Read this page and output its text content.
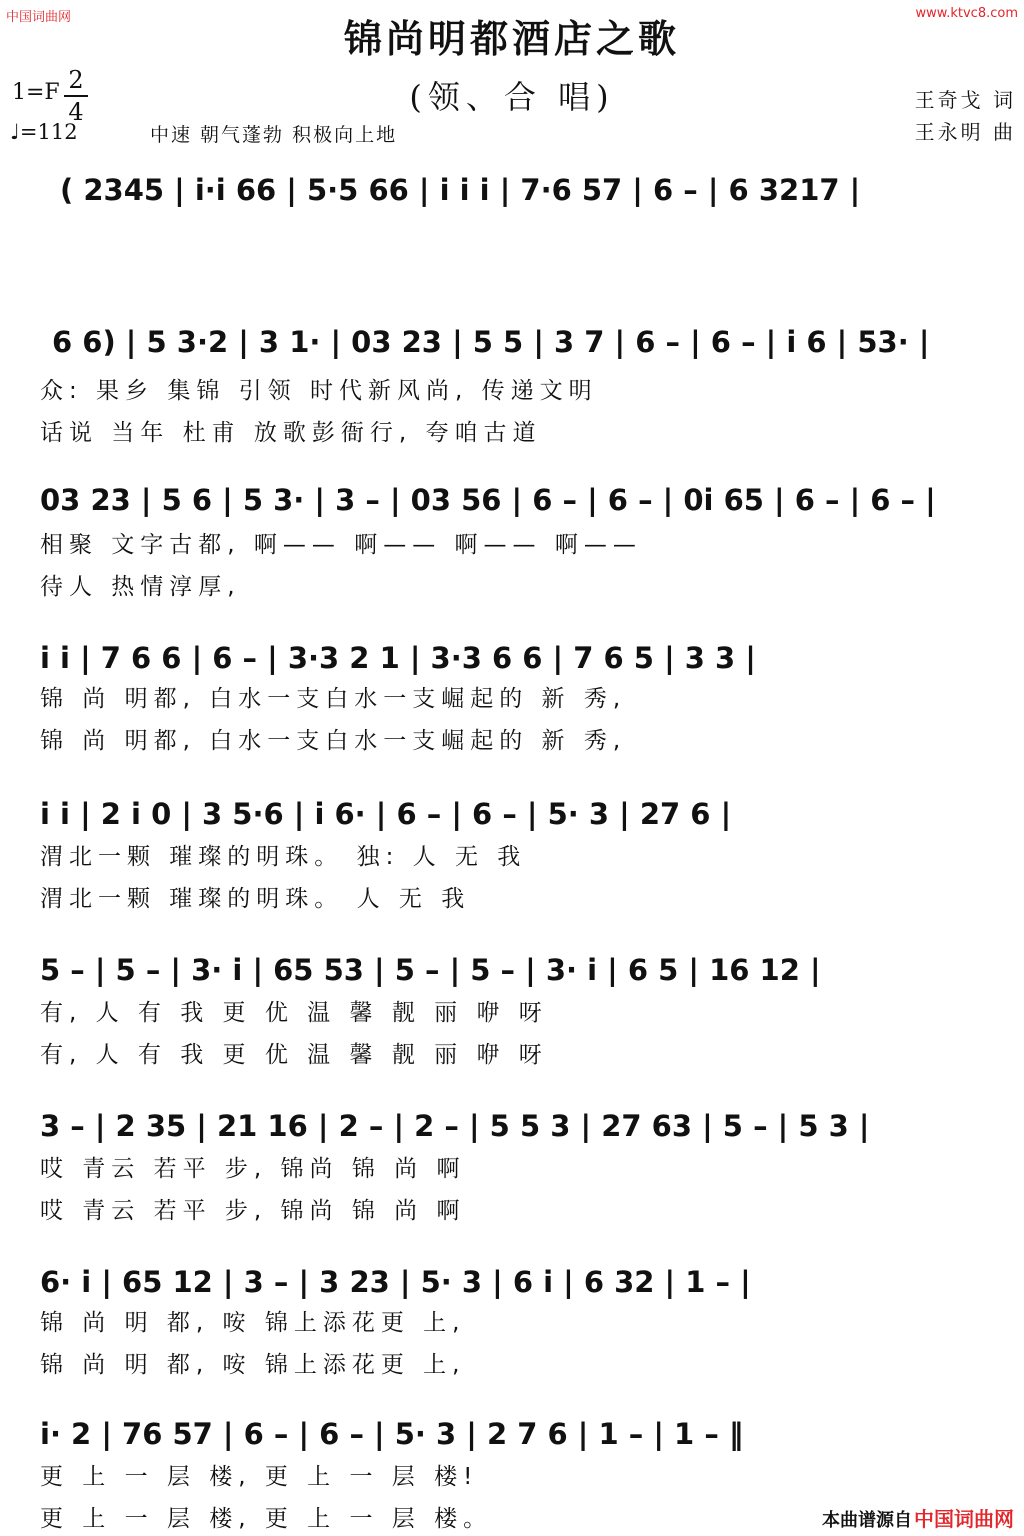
中国词曲网	www.ktvc8.com
锦尚明都酒店之歌
(领、合 唱)	王奇戈 词
王永明 曲
1=F 2
4
♩=112	中速 朝气蓬勃 积极向上地
( 2345 | i·i 66 | 5·5 66 | i i i | 7·6 57 | 6 – | 6 3217 |
6 6) | 5 3·2 | 3 1· | 03 23 | 5 5 | 3 7 | 6 – | 6 – | i 6 | 53· |
众: 果乡 集锦 引领 时代新风尚, 传递文明
话说 当年 杜甫 放歌彭衙行, 夸咱古道
03 23 | 5 6 | 5 3· | 3 – | 03 56 | 6 – | 6 – | 0i 65 | 6 – | 6 – |
相聚 文字古都, 啊—— 啊—— 啊—— 啊——
待人 热情淳厚,
i i | 7 6 6 | 6 – | 3·3 2 1 | 3·3 6 6 | 7 6 5 | 3 3 |
锦 尚 明都, 白水一支白水一支崛起的 新 秀,
锦 尚 明都, 白水一支白水一支崛起的 新 秀,
i i | 2 i 0 | 3 5·6 | i 6· | 6 – | 6 – | 5· 3 | 27 6 |
渭北一颗 璀璨的明珠。 独: 人 无 我
渭北一颗 璀璨的明珠。 人 无 我
5 – | 5 – | 3· i | 65 53 | 5 – | 5 – | 3· i | 6 5 | 16 12 |
有, 人 有 我 更 优 温 馨 靓 丽 咿 呀
有, 人 有 我 更 优 温 馨 靓 丽 咿 呀
3 – | 2 35 | 21 16 | 2 – | 2 – | 5 5 3 | 27 63 | 5 – | 5 3 |
哎 青云 若平 步, 锦尚 锦 尚 啊
哎 青云 若平 步, 锦尚 锦 尚 啊
6· i | 65 12 | 3 – | 3 23 | 5· 3 | 6 i | 6 32 | 1 – |
锦 尚 明 都, 咹 锦上添花更 上,
锦 尚 明 都, 咹 锦上添花更 上,
i· 2 | 76 57 | 6 – | 6 – | 5· 3 | 2 7 6 | 1 – | 1 – ‖
更 上 一 层 楼, 更 上 一 层 楼!
更 上 一 层 楼, 更 上 一 层 楼。	本曲谱源自 中国词曲网
